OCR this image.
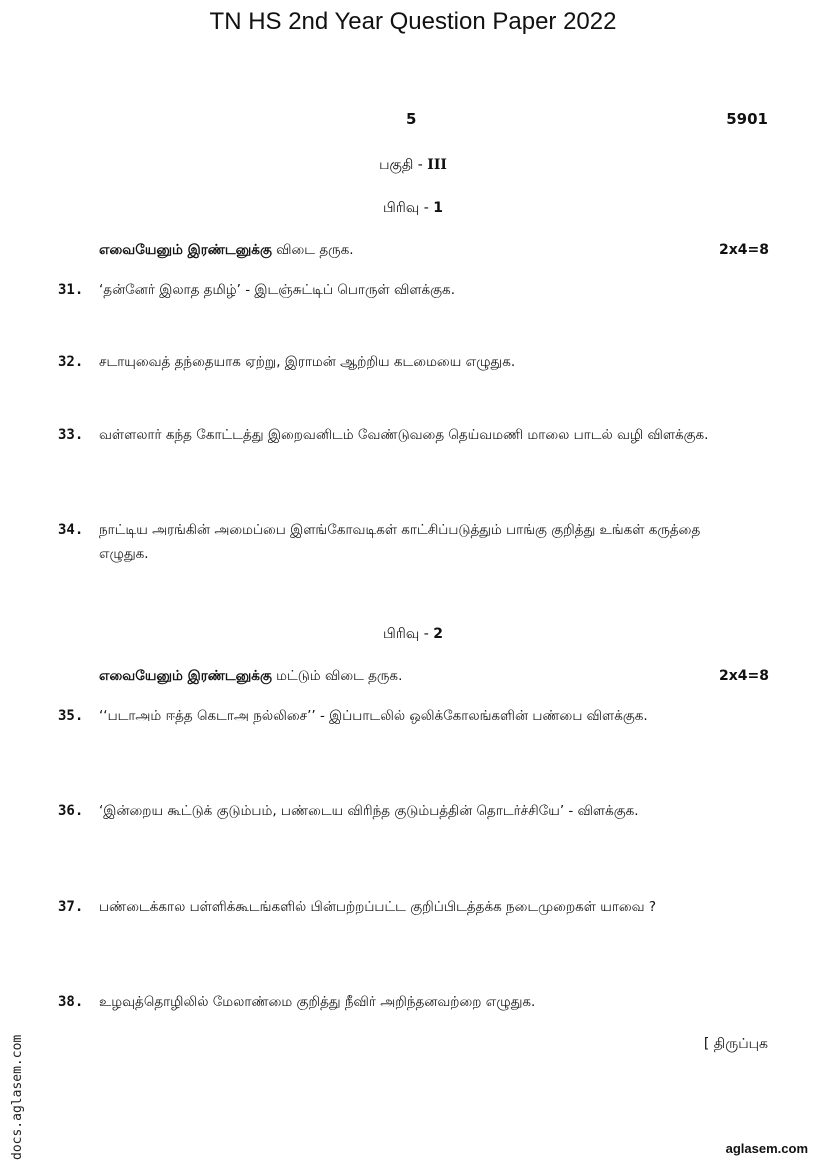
TN HS 2nd Year Question Paper 2022
5	5901
பகுதி - III
பிரிவு - 1
எவையேனும் இரண்டனுக்கு விடை தருக.	2x4=8
31. ‘தன்னேர் இலாத தமிழ்’ - இடஞ்சுட்டிப் பொருள் விளக்குக.
32. சடாயுவைத் தந்தையாக ஏற்று, இராமன் ஆற்றிய கடமையை எழுதுக.
33. வள்ளலார் கந்த கோட்டத்து இறைவனிடம் வேண்டுவதை தெய்வமணி மாலை பாடல் வழி விளக்குக.
34. நாட்டிய அரங்கின் அமைப்பை இளங்கோவடிகள் காட்சிப்படுத்தும் பாங்கு குறித்து உங்கள் கருத்தை எழுதுக.
பிரிவு - 2
எவையேனும் இரண்டனுக்கு மட்டும் விடை தருக.	2x4=8
35. ‘‘படாஅம் ஈத்த கெடாஅ நல்லிசை’’ - இப்பாடலில் ஒலிக்கோலங்களின் பண்பை விளக்குக.
36. ‘இன்றைய கூட்டுக் குடும்பம், பண்டைய விரிந்த குடும்பத்தின் தொடர்ச்சியே’ - விளக்குக.
37. பண்டைக்கால பள்ளிக்கூடங்களில் பின்பற்றப்பட்ட குறிப்பிடத்தக்க நடைமுறைகள் யாவை ?
38. உழவுத்தொழிலில் மேலாண்மை குறித்து நீவிர் அறிந்தனவற்றை எழுதுக.
[ திருப்புக
docs.aglasem.com	aglasem.com
